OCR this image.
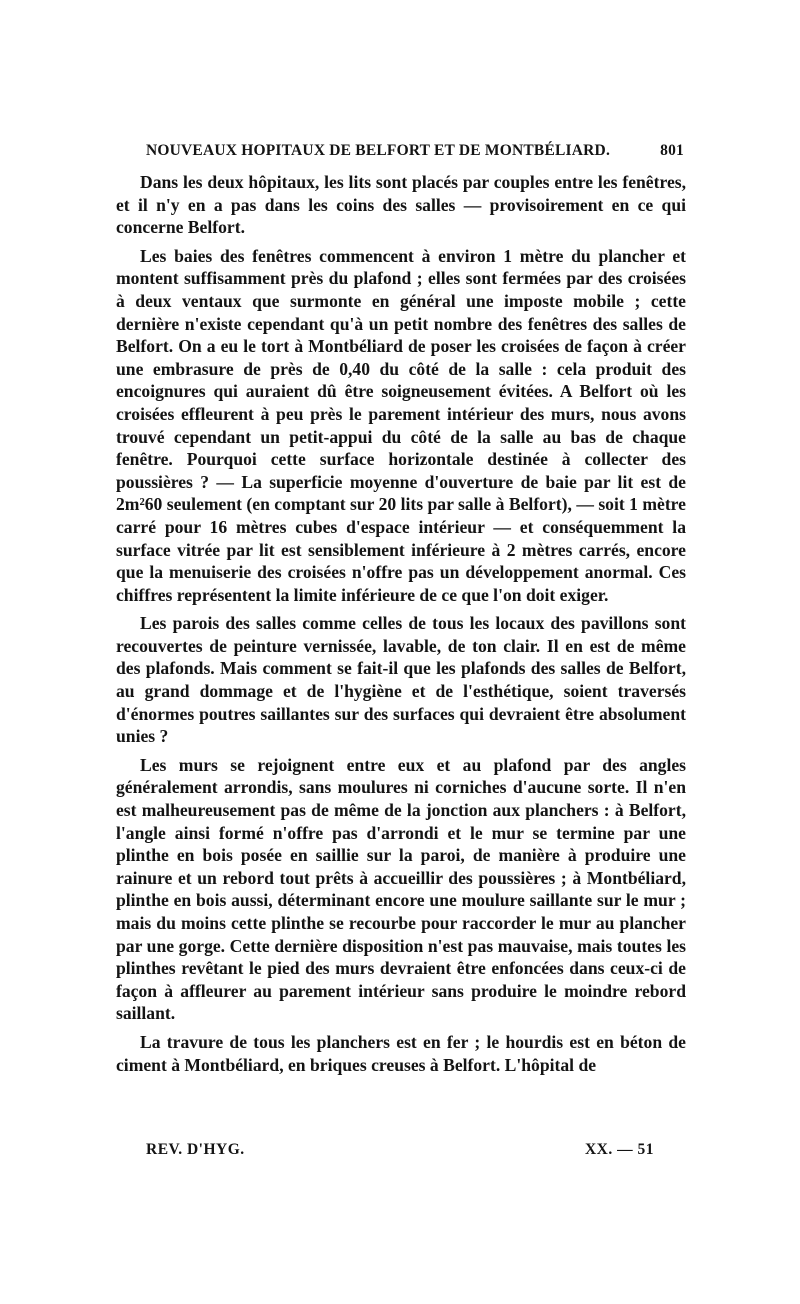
NOUVEAUX HOPITAUX DE BELFORT ET DE MONTBÉLIARD.	801

Dans les deux hôpitaux, les lits sont placés par couples entre les fenêtres, et il n'y en a pas dans les coins des salles — provisoirement en ce qui concerne Belfort.

Les baies des fenêtres commencent à environ 1 mètre du plancher et montent suffisamment près du plafond ; elles sont fermées par des croisées à deux ventaux que surmonte en général une imposte mobile ; cette dernière n'existe cependant qu'à un petit nombre des fenêtres des salles de Belfort. On a eu le tort à Montbéliard de poser les croisées de façon à créer une embrasure de près de 0,40 du côté de la salle : cela produit des encoignures qui auraient dû être soigneusement évitées. A Belfort où les croisées effleurent à peu près le parement intérieur des murs, nous avons trouvé cependant un petit-appui du côté de la salle au bas de chaque fenêtre. Pourquoi cette surface horizontale destinée à collecter des poussières ? — La superficie moyenne d'ouverture de baie par lit est de 2m²60 seulement (en comptant sur 20 lits par salle à Belfort), — soit 1 mètre carré pour 16 mètres cubes d'espace intérieur — et conséquemment la surface vitrée par lit est sensiblement inférieure à 2 mètres carrés, encore que la menuiserie des croisées n'offre pas un développement anormal. Ces chiffres représentent la limite inférieure de ce que l'on doit exiger.

Les parois des salles comme celles de tous les locaux des pavillons sont recouvertes de peinture vernissée, lavable, de ton clair. Il en est de même des plafonds. Mais comment se fait-il que les plafonds des salles de Belfort, au grand dommage et de l'hygiène et de l'esthétique, soient traversés d'énormes poutres saillantes sur des surfaces qui devraient être absolument unies ?

Les murs se rejoignent entre eux et au plafond par des angles généralement arrondis, sans moulures ni corniches d'aucune sorte. Il n'en est malheureusement pas de même de la jonction aux planchers : à Belfort, l'angle ainsi formé n'offre pas d'arrondi et le mur se termine par une plinthe en bois posée en saillie sur la paroi, de manière à produire une rainure et un rebord tout prêts à accueillir des poussières ; à Montbéliard, plinthe en bois aussi, déterminant encore une moulure saillante sur le mur ; mais du moins cette plinthe se recourbe pour raccorder le mur au plancher par une gorge. Cette dernière disposition n'est pas mauvaise, mais toutes les plinthes revêtant le pied des murs devraient être enfoncées dans ceux-ci de façon à affleurer au parement intérieur sans produire le moindre rebord saillant.

La travure de tous les planchers est en fer ; le hourdis est en béton de ciment à Montbéliard, en briques creuses à Belfort. L'hôpital de

REV. D'HYG.	XX. — 51
